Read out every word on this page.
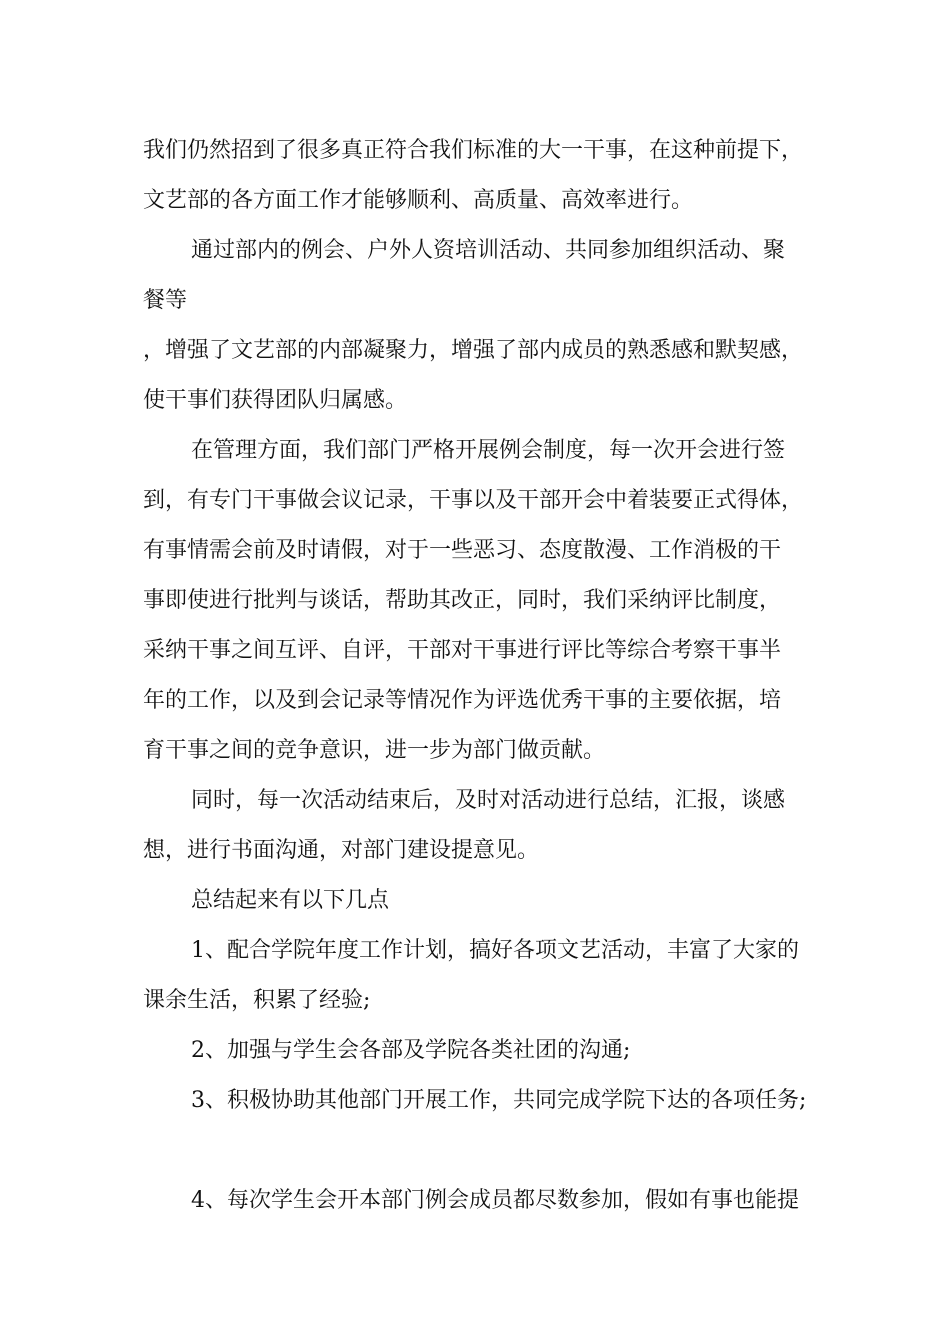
我们仍然招到了很多真正符合我们标准的大一干事，在这种前提下，
文艺部的各方面工作才能够顺利、高质量、高效率进行。
通过部内的例会、户外人资培训活动、共同参加组织活动、聚
餐等
，增强了文艺部的内部凝聚力，增强了部内成员的熟悉感和默契感，
使干事们获得团队归属感。
在管理方面，我们部门严格开展例会制度，每一次开会进行签
到，有专门干事做会议记录，干事以及干部开会中着装要正式得体，
有事情需会前及时请假，对于一些恶习、态度散漫、工作消极的干
事即使进行批判与谈话，帮助其改正，同时，我们采纳评比制度，
采纳干事之间互评、自评，干部对干事进行评比等综合考察干事半
年的工作，以及到会记录等情况作为评选优秀干事的主要依据，培
育干事之间的竞争意识，进一步为部门做贡献。
同时，每一次活动结束后，及时对活动进行总结，汇报，谈感
想，进行书面沟通，对部门建设提意见。
总结起来有以下几点
1、配合学院年度工作计划，搞好各项文艺活动，丰富了大家的
课余生活，积累了经验;
2、加强与学生会各部及学院各类社团的沟通;
3、积极协助其他部门开展工作，共同完成学院下达的各项任务;
4、每次学生会开本部门例会成员都尽数参加，假如有事也能提
